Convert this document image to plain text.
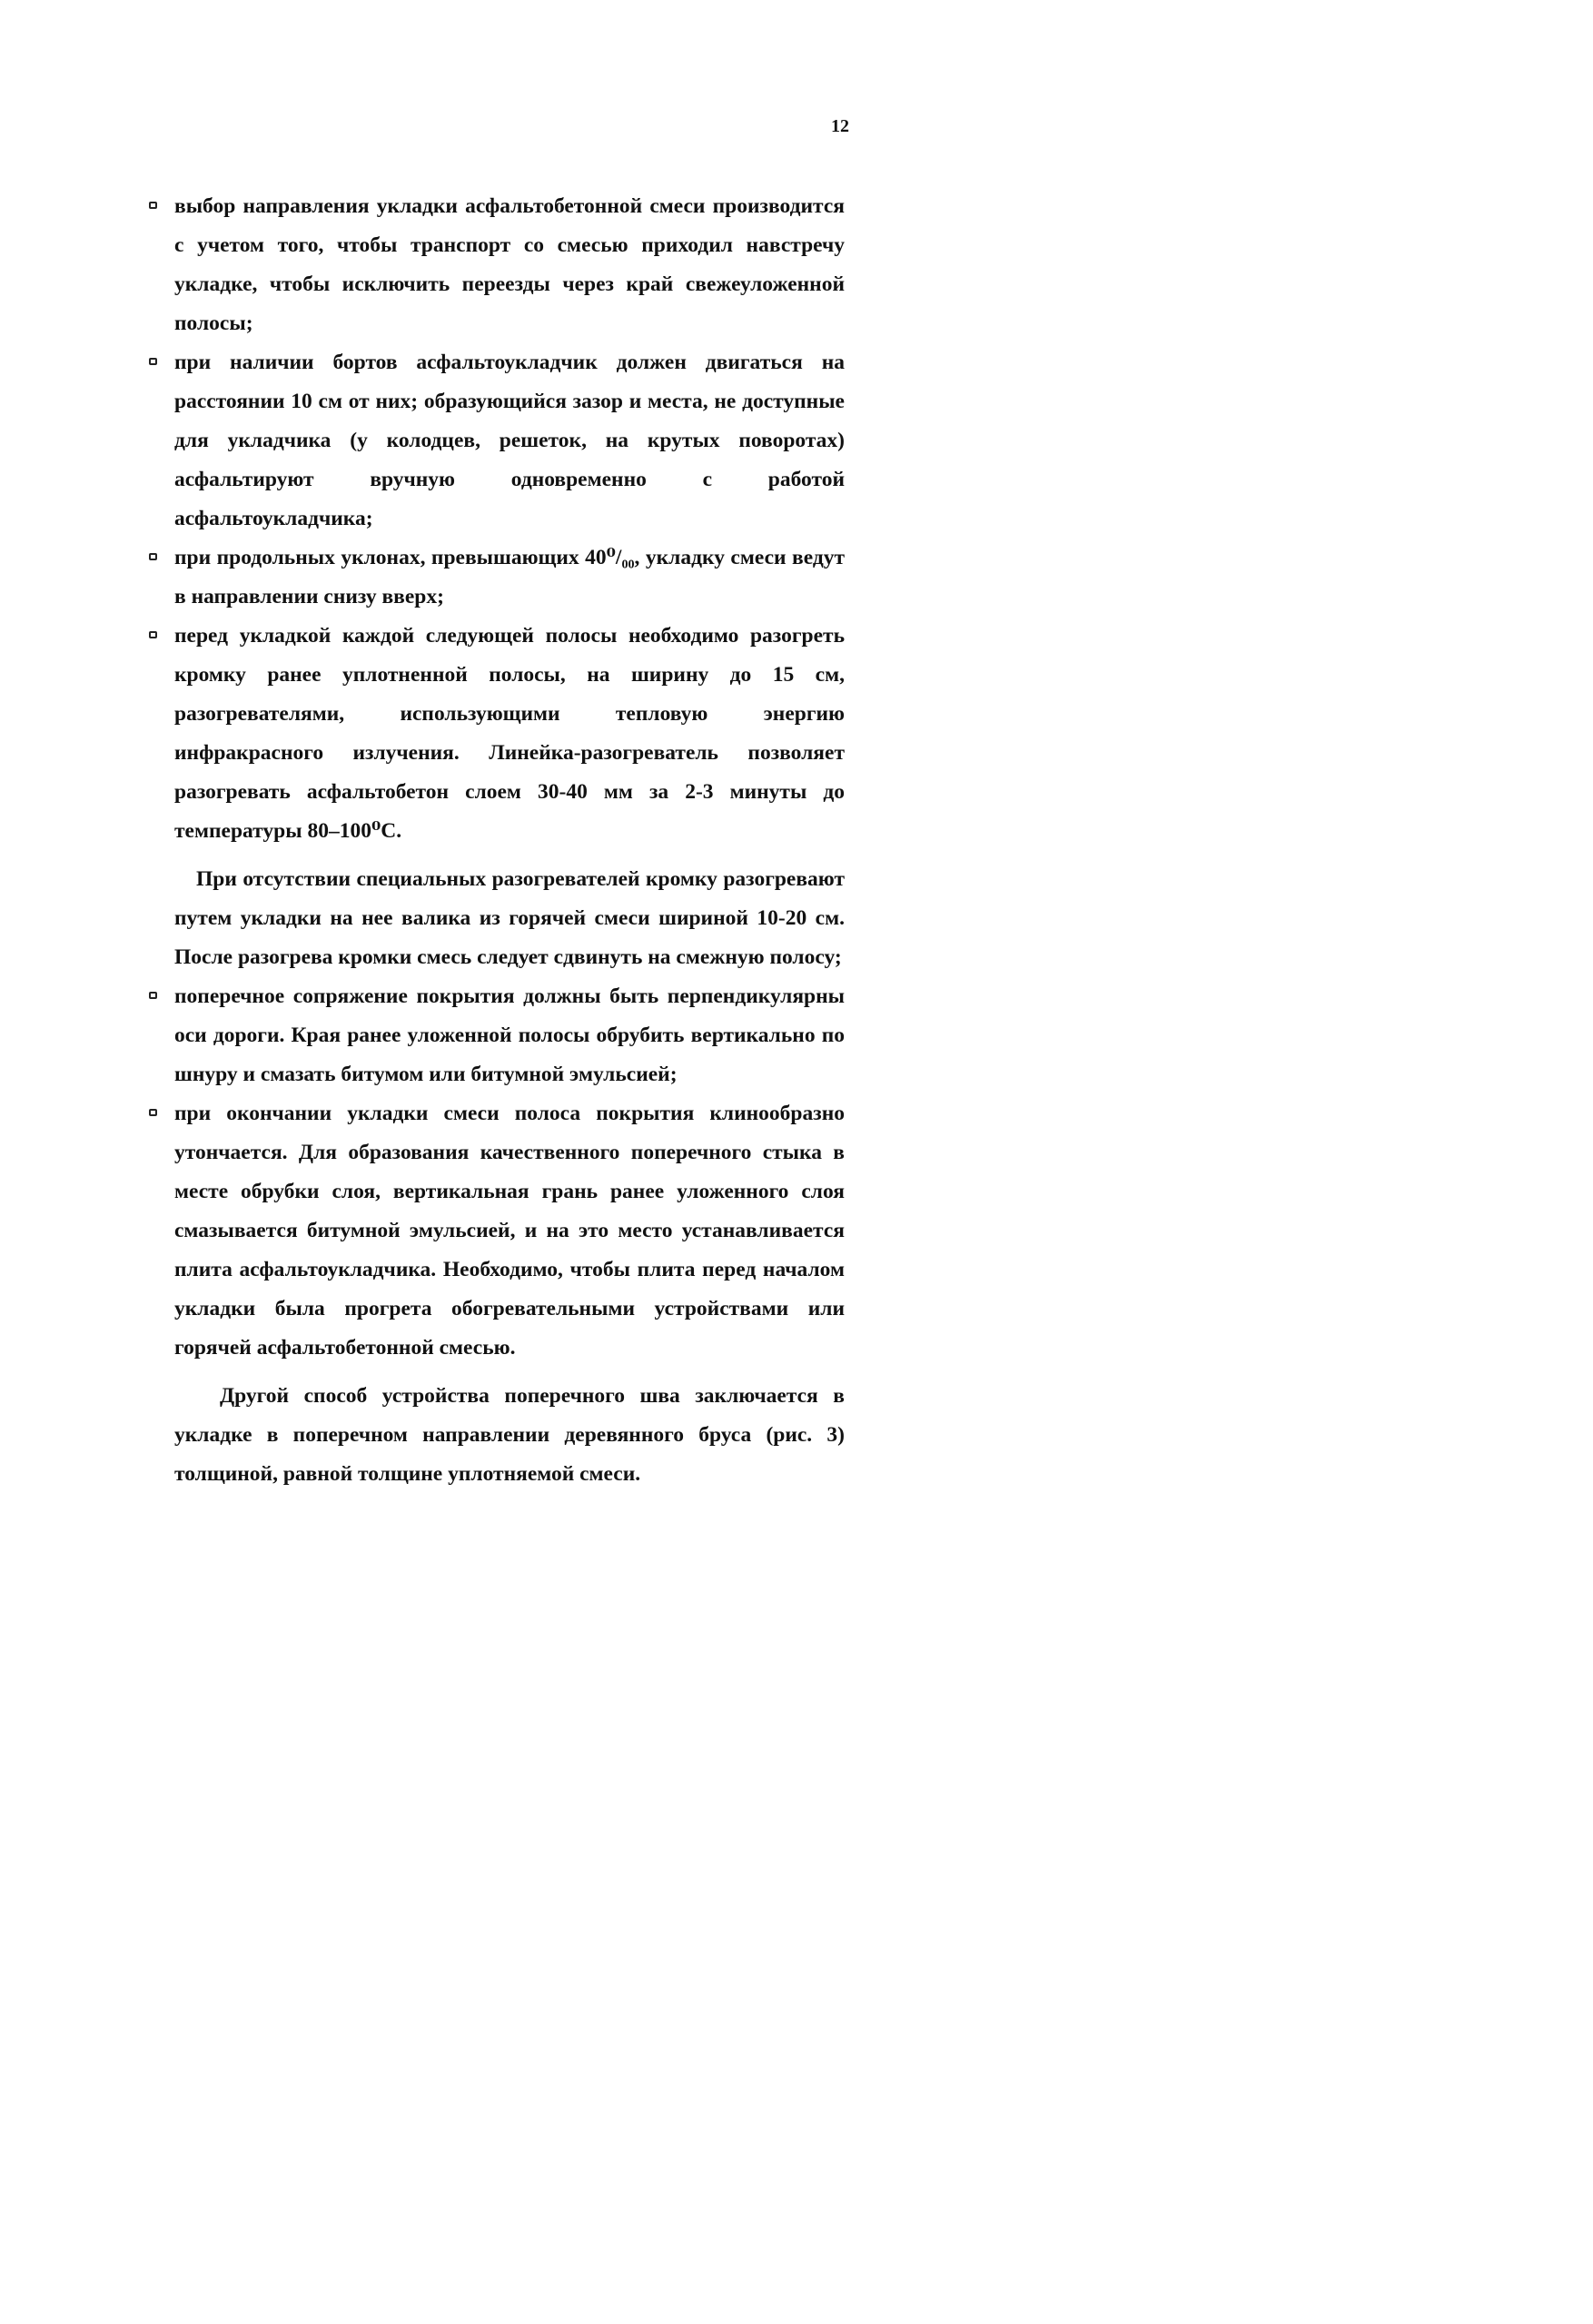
12
выбор направления укладки асфальтобетонной смеси производится с учетом того, чтобы транспорт со смесью приходил навстречу укладке, чтобы исключить переезды через край свежеуложенной полосы;
при наличии бортов асфальтоукладчик должен двигаться на расстоянии 10 см от них; образующийся зазор и места, не доступные для укладчика (у колодцев, решеток, на крутых поворотах) асфальтируют вручную одновременно с работой асфальтоукладчика;
при продольных уклонах, превышающих 40⁰/₀₀, укладку смеси ведут в направлении снизу вверх;
перед укладкой каждой следующей полосы необходимо разогреть кромку ранее уплотненной полосы, на ширину до 15 см, разогревателями, использующими тепловую энергию инфракрасного излучения. Линейка-разогреватель позволяет разогревать асфальтобетон слоем 30-40 мм за 2-3 минуты до температуры 80–100⁰С.

При отсутствии специальных разогревателей кромку разогревают путем укладки на нее валика из горячей смеси шириной 10-20 см. После разогрева кромки смесь следует сдвинуть на смежную полосу;

поперечное сопряжение покрытия должны быть перпендикулярны оси дороги. Края ранее уложенной полосы обрубить вертикально по шнуру и смазать битумом или битумной эмульсией;
при окончании укладки смеси полоса покрытия клинообразно утончается. Для образования качественного поперечного стыка в месте обрубки слоя, вертикальная грань ранее уложенного слоя смазывается битумной эмульсией, и на это место устанавливается плита асфальтоукладчика. Необходимо, чтобы плита перед началом укладки была прогрета обогревательными устройствами или горячей асфальтобетонной смесью.

Другой способ устройства поперечного шва заключается в укладке в поперечном направлении деревянного бруса (рис. 3) толщиной, равной толщине уплотняемой смеси.
